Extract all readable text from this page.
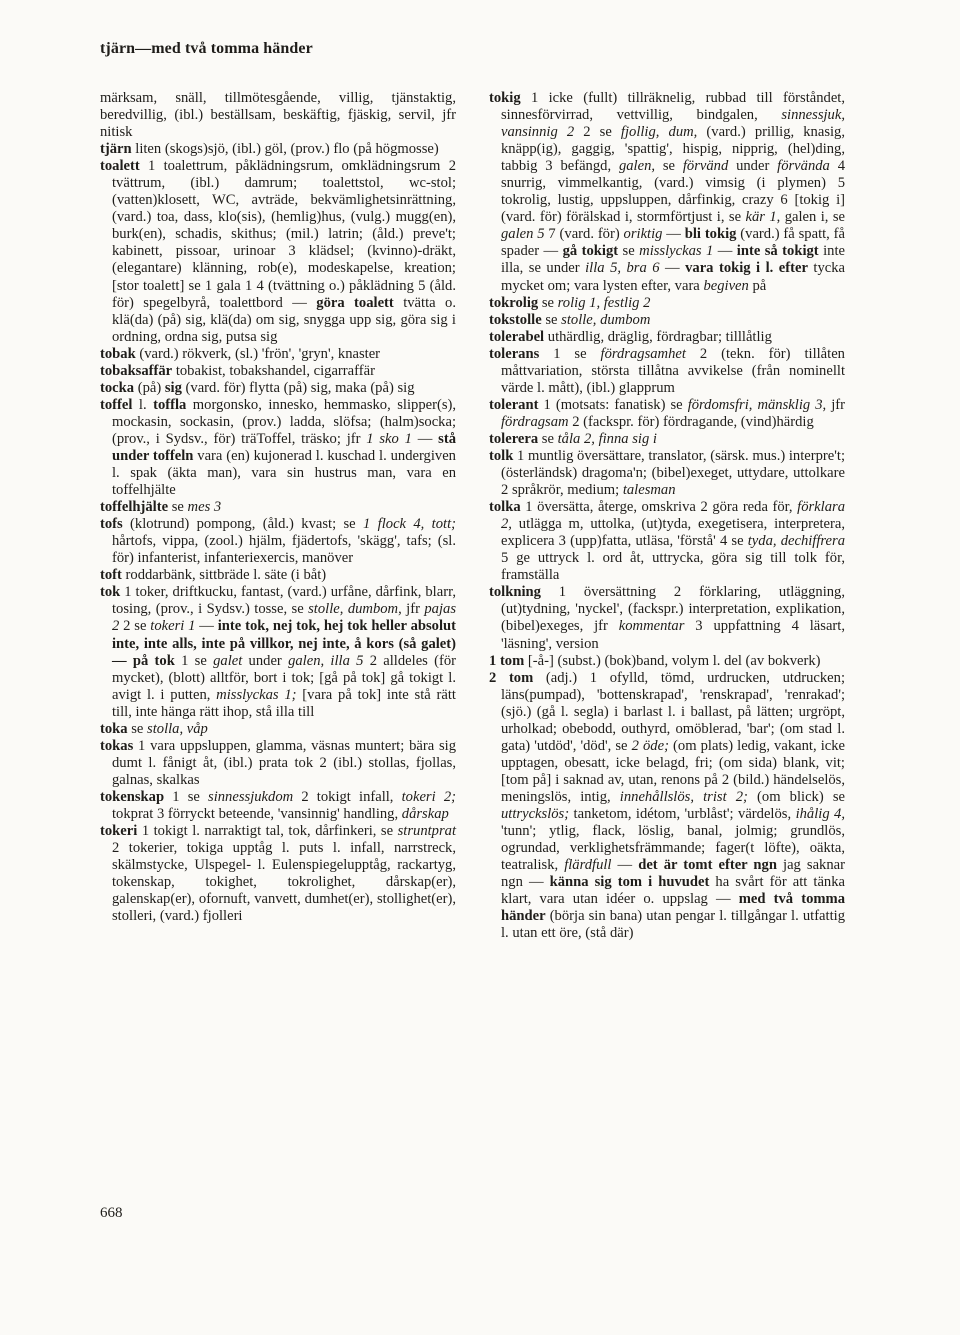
tjärn—med två tomma händer

märksam, snäll, tillmötesgående, villig, tjänstaktig, beredvillig, (ibl.) beställsam, beskäftig, fjäskig, servil, jfr nitisk

tjärn liten (skogs)sjö, (ibl.) göl, (prov.) flo (på högmosse)

toalett 1 toalettrum, påklädningsrum, omklädningsrum 2 tvättrum, (ibl.) damrum; toalettstol, wc-stol; (vatten)klosett, WC, avträde, bekvämlighetsinrättning, (vard.) toa, dass, klo(sis), (hemlig)hus, (vulg.) mugg(en), burk(en), schadis, skithus; (mil.) latrin; (åld.) preve't; kabinett, pissoar, urinoar 3 klädsel; (kvinno)-dräkt, (elegantare) klänning, rob(e), modeskapelse, kreation; [stor toalett] se 1 gala 1 4 (tvättning o.) påklädning 5 (åld. för) spegelbyrå, toalettbord — göra toalett tvätta o. klä(da) (på) sig, klä(da) om sig, snygga upp sig, göra sig i ordning, ordna sig, putsa sig

tobak (vard.) rökverk, (sl.) 'frön', 'gryn', knaster

tobaksaffär tobakist, tobakshandel, cigarraffär

tocka (på) sig (vard. för) flytta (på) sig, maka (på) sig

toffel l. toffla morgonsko, innesko, hemmasko, slipper(s), mockasin, sockasin, (prov.) ladda, slöfsa; (halm)socka; (prov., i Sydsv., för) träToffel, träsko; jfr 1 sko 1 — stå under toffeln vara (en) kujonerad l. kuschad l. undergiven l. spak (äkta man), vara sin hustrus man, vara en toffelhjälte

toffelhjälte se mes 3

tofs (klotrund) pompong, (åld.) kvast; se 1 flock 4, tott; hårtofs, vippa, (zool.) hjälm, fjädertofs, 'skägg', tafs; (sl. för) infanterist, infanteriexercis, manöver

toft roddarbänk, sittbräde l. säte (i båt)

tok 1 toker, driftkucku, fantast, (vard.) urfåne, dårfink, blarr, tosing, (prov., i Sydsv.) tosse, se stolle, dumbom, jfr pajas 2 2 se tokeri 1 — inte tok, nej tok, hej tok heller absolut inte, inte alls, inte på villkor, nej inte, å kors (så galet) — på tok 1 se galet under galen, illa 5 2 alldeles (för mycket), (blott) alltför, bort i tok; [gå på tok] gå tokigt l. avigt l. i putten, misslyckas 1; [vara på tok] inte stå rätt till, inte hänga rätt ihop, stå illa till

toka se stolla, våp

tokas 1 vara uppsluppen, glamma, väsnas muntert; bära sig dumt l. fånigt åt, (ibl.) prata tok 2 (ibl.) stollas, fjollas, galnas, skalkas

tokenskap 1 se sinnessjukdom 2 tokigt infall, tokeri 2; tokprat 3 förryckt beteende, 'vansinnig' handling, dårskap

tokeri 1 tokigt l. narraktigt tal, tok, dårfinkeri, se struntprat 2 tokerier, tokiga upptåg l. puts l. infall, narrstreck, skälmstycke, Ulspegel- l. Eulenspiegelupptåg, rackartyg, tokenskap, tokighet, tokrolighet, dårskap(er), galenskap(er), ofornuft, vanvett, dumhet(er), stollighet(er), stolleri, (vard.) fjolleri

tokig 1 icke (fullt) tillräknelig, rubbad till förståndet, sinnesförvirrad, vettvillig, bindgalen, sinnessjuk, vansinnig 2 2 se fjollig, dum, (vard.) prillig, knasig, knäpp(ig), gaggig, 'spattig', hispig, nipprig, (hel)ding, tabbig 3 befängd, galen, se förvänd under förvända 4 snurrig, vimmelkantig, (vard.) vimsig (i plymen) 5 tokrolig, lustig, uppsluppen, dårfinkig, crazy 6 [tokig i] (vard. för) förälskad i, stormförtjust i, se kär 1, galen i, se galen 5 7 (vard. för) oriktig — bli tokig (vard.) få spatt, få spader — gå tokigt se misslyckas 1 — inte så tokigt inte illa, se under illa 5, bra 6 — vara tokig i l. efter tycka mycket om; vara lysten efter, vara begiven på

tokrolig se rolig 1, festlig 2

tokstolle se stolle, dumbom

tolerabel uthärdlig, dräglig, fördragbar; tilllåtlig

tolerans 1 se fördragsamhet 2 (tekn. för) tillåten måttvariation, största tillåtna avvikelse (från nominellt värde l. mått), (ibl.) glapprum

tolerant 1 (motsats: fanatisk) se fördomsfri, mänsklig 3, jfr fördragsam 2 (fackspr. för) fördragande, (vind)härdig

tolerera se tåla 2, finna sig i

tolk 1 muntlig översättare, translator, (särsk. mus.) interpre't; (österländsk) dragoma'n; (bibel)exeget, uttydare, uttolkare 2 språkrör, medium; talesman

tolka 1 översätta, återge, omskriva 2 göra reda för, förklara 2, utlägga m, uttolka, (ut)tyda, exegetisera, interpretera, explicera 3 (upp)fatta, utläsa, 'förstå' 4 se tyda, dechiffrera 5 ge uttryck l. ord åt, uttrycka, göra sig till tolk för, framställa

tolkning 1 översättning 2 förklaring, utläggning, (ut)tydning, 'nyckel', (fackspr.) interpretation, explikation, (bibel)exeges, jfr kommentar 3 uppfattning 4 läsart, 'läsning', version

1 tom [-å-] (subst.) (bok)band, volym l. del (av bokverk)

2 tom (adj.) 1 ofylld, tömd, urdrucken, utdrucken; läns(pumpad), 'bottenskrapad', 'renskrapad', 'renrakad'; (sjö.) (gå l. segla) i barlast l. i ballast, på lätten; urgröpt, urholkad; obebodd, outhyrd, omöblerad, 'bar'; (om stad l. gata) 'utdöd', 'död', se 2 öde; (om plats) ledig, vakant, icke upptagen, obesatt, icke belagd, fri; (om sida) blank, vit; [tom på] i saknad av, utan, renons på 2 (bild.) händelselös, meningslös, intig, innehållslös, trist 2; (om blick) se uttryckslös; tanketom, idétom, 'urblåst'; värdelös, ihålig 4, 'tunn'; ytlig, flack, löslig, banal, jolmig; grundlös, ogrundad, verklighetsfrämmande; fager(t löfte), oäkta, teatralisk, flärdfull — det är tomt efter ngn jag saknar ngn — känna sig tom i huvudet ha svårt för att tänka klart, vara utan idéer o. uppslag — med två tomma händer (börja sin bana) utan pengar l. tillgångar l. utfattig l. utan ett öre, (stå där)

668
